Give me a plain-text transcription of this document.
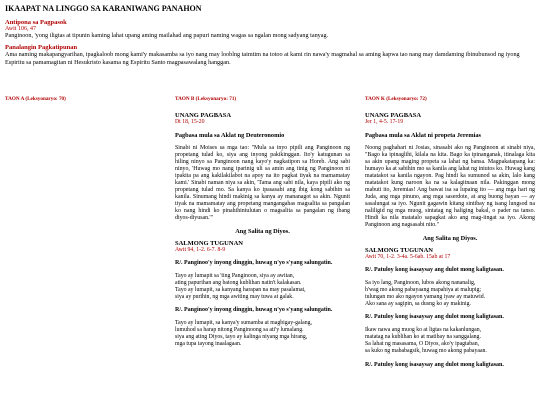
IKAAPAT NA LINGGO SA KARANIWANG PANAHON
Antipona sa Pagpasok
Awit 106, 47
Panginoon, 'yong iligtas at tipunin kaming lahat upang aming mailahad ang papuri naming wagas sa ngalan mong sadyang tanyag.
Panalangin Pagkatipunan
Ama naming makapangyarihan, ipagkaloob mong kami'y makasamba sa iyo nang may looblng taimtim na totoo at kami rin nawa'y magmahal sa aming kapwa tao nang may damdaming ibinubunsod ng iyong Espiritu sa pamamagitan ni Hesukristo kasama ng Espiritu Santo magpasawalang hanggan.
TAON A (Leksyonaryo: 70)	TAON B (Leksyonaryo: 71)
UNANG PAGBASA
Dt 18, 15-20
Pagbasa mula sa Aklat ng Deuteronomio
Sinabi ni Moises sa mga tao: "Mula sa inyo pipili ang Panginoon ng propetang tulad ko, siya ang inyong pakikinggan. Ito'y katugunan sa hiling ninyo sa Panginoon nang kayo'y nagkatipon sa Horeb. Ang sabi ninyo, 'Huwag mo nang iparinig uli sa amin ang tinig ng Panginoon ni ipakita pa ang kakilakilabot na apoy na ito pagkat tiyak na mamamatay kami.' Sinabi naman niya sa akin, 'Tama ang sabi nila, kaya pipili ako ng propetang tulad mo. Sa kanya ko ipasasabi ang ibig kong sabihin sa kanila. Sinumang hindi makinig sa kanya ay mananagot sa akin. Ngunit tiyak na mamamatay ang propetang mangangahas magsalita sa pangalan ko nang hindi ko pinahihintulutan o magsalita sa pangalan ng ibang diyos-diyusan.'"
Ang Salita ng Diyos.
SALMONG TUGUNAN
Awit 94, 1-2. 6-7. 8-9
R/. Panginoo'y inyong dinggin, huwag n'yo s'yang salungatin.
Tayo ay lumapit sa 'ting Panginoon, siya ay awitan,
ating papurihan ang batong kublihan natin't kalakasan.
Tayo ay lumapit, sa kanyang harapan na may pasalamat,
siya ay purihin, ng mga awiting may tuwa at galak.
R/. Panginoo'y inyong dinggin, huwag n'yo s'yang salungatin.
Tayo ay lumapit, sa kanya'y sumamba at magbigay-galang,
lumuhod sa harap nitong Panginoong sa ati'y lumalang.
siya ang ating Diyos, tayo ay kalinga niyang mga hirang,
mga tupa tayong inaalagaan.
TAON K (Leksyonaryo: 72)
UNANG PAGBASA
Jer 1, 4-5. 17-19
Pagbasa mula sa Aklat ni propeta Jeremias
Noong paghahari ni Josias, sinasabi ako ng Panginoon at sinabi niya, "Bago ka ipinaglihi, kilala na kita. Bago ka ipinanganak, itinalaga kita sa akin upang maging propeta sa lahat ng bansa. Magpakatapang ka: humayo ka at sabihin mo sa kanila ang lahat ng iniutos ko. Huwag kang matatakot sa kanila ngayon. Pag hindi ka sumunod sa akin, lalo kang matatakot kung naroon ka na sa kalagitnaan nila. Pakinggan mong mabuti ito, Jeremias! Ang bawat isa sa lupaing ito — ang mga hari ng Juda, ang mga pinuno, ang mga saserdote, at ang buong bayan — ay sasalungat sa iyo. Ngunit gagawin kitang sintibay ng isang lungsod na naliligid ng mga muog, sintatag ng haliging bakal, o pader na tanso. Hindi ka nila matatalo sapagkat ako ang mag-iingat sa iyo. Akong Panginoon ang nagsasabi nito."
Ang Salita ng Diyos.
SALMONG TUGUNAN
Awit 70, 1-2. 3-4a. 5-6ab. 15ab at 17
R/. Patuloy kong isasaysay ang dulot mong kaligtasan.
Sa iyo lang, Panginoon, lubos akong nananalig,
h'wag mo akong pabayaang mapahiya at malupig;
tulungan mo ako ngayon yamang iyaw ay matuwid.
Ako sana ay sagipin, sa dusng ko ay makinig.
R/. Patuloy kong isasaysay ang dulot mong kaligtasan.
Ikaw nawa ang muog ko at ligtas na kakanlungan,
matatag na kublihan ko at matibay na sanggalang.
Sa lahat ng masasama, O Diyos, ako'y ipagtaban,
sa kuko ng mababagsik, huwag mo akong pabayaan.
R/. Patuloy kong isasaysay ang dulot mong kaligtasan.
